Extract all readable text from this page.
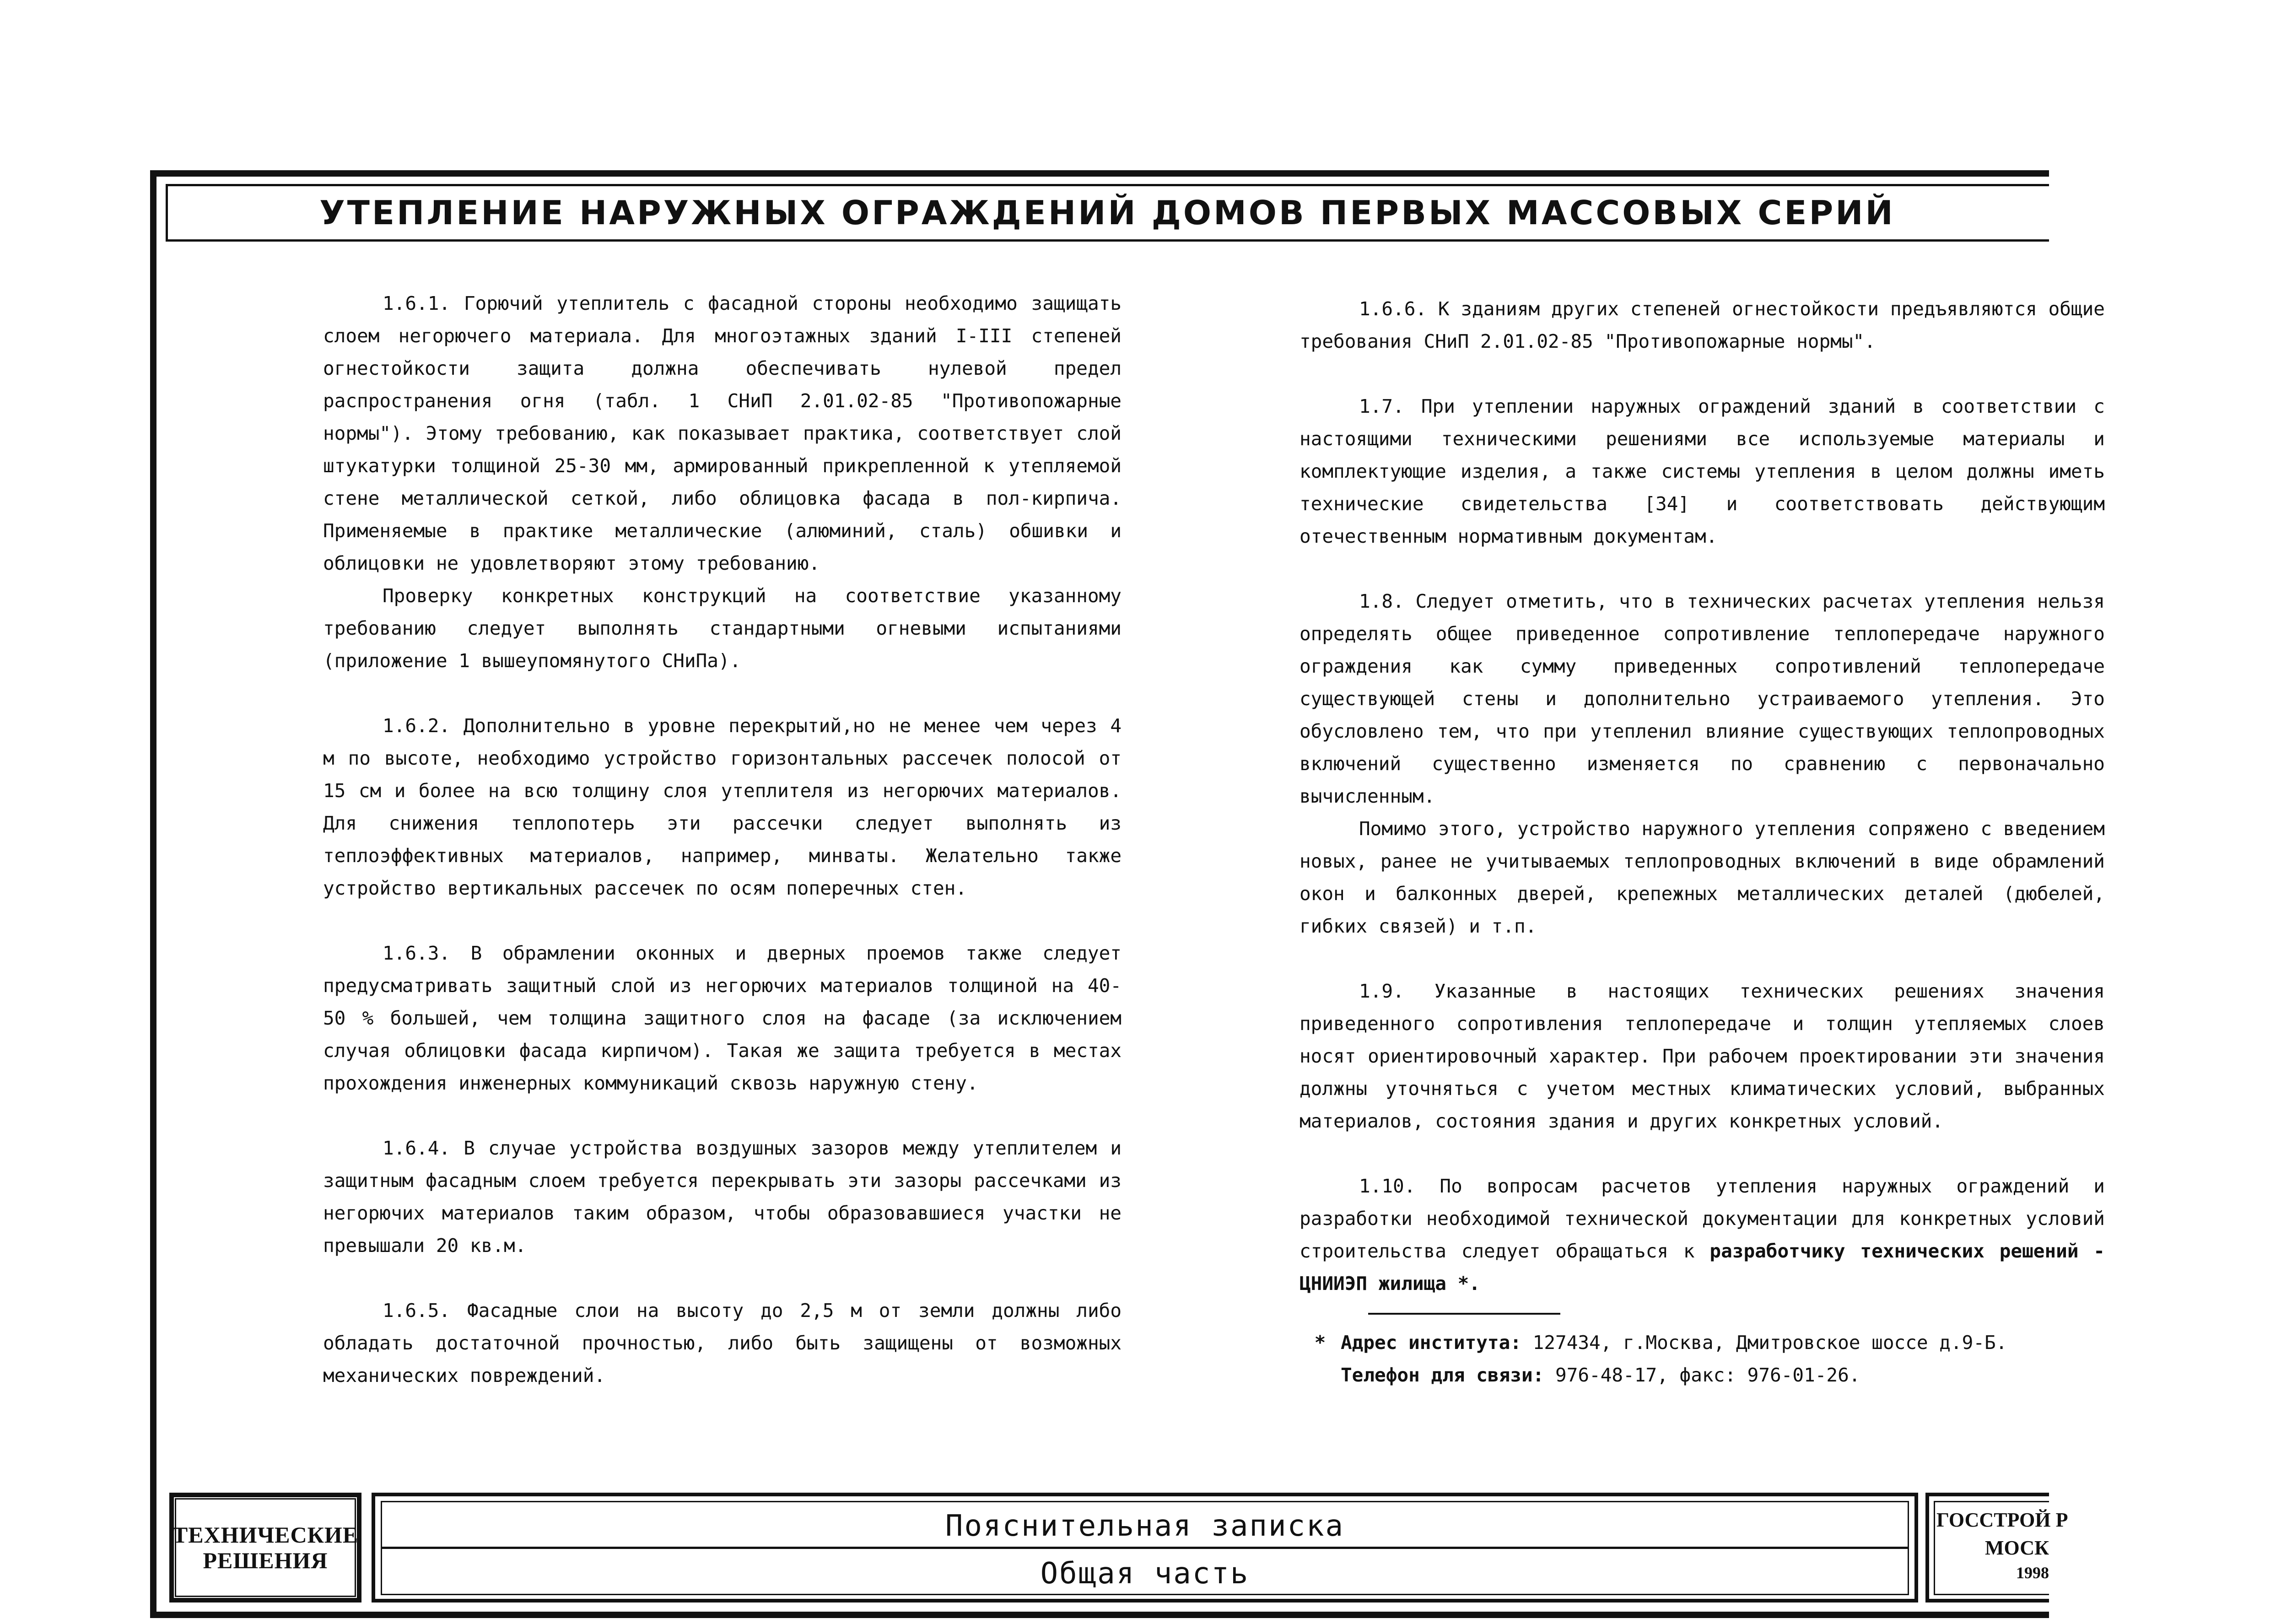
УТЕПЛЕНИЕ НАРУЖНЫХ ОГРАЖДЕНИЙ ДОМОВ ПЕРВЫХ МАССОВЫХ СЕРИЙ

1.6.1. Горючий утеплитель с фасадной стороны необходимо защищать слоем негорючего материала. Для многоэтажных зданий I-III степеней огнестойкости защита должна обеспечивать нулевой предел распространения огня (табл. 1 СНиП 2.01.02-85 "Противопожарные нормы"). Этому требованию, как показывает практика, соответствует слой штукатурки толщиной 25-30 мм, армированный прикрепленной к утепляемой стене металлической сеткой, либо облицовка фасада в пол-кирпича. Применяемые в практике металлические (алюминий, сталь) обшивки и облицовки не удовлетворяют этому требованию.

Проверку конкретных конструкций на соответствие указанному требованию следует выполнять стандартными огневыми испытаниями (приложение 1 вышеупомянутого СНиПа).

1.6.2. Дополнительно в уровне перекрытий,но не менее чем через 4 м по высоте, необходимо устройство горизонтальных рассечек полосой от 15 см и более на всю толщину слоя утеплителя из негорючих материалов. Для снижения теплопотерь эти рассечки следует выполнять из теплоэффективных материалов, например, минваты. Желательно также устройство вертикальных рассечек по осям поперечных стен.

1.6.3. В обрамлении оконных и дверных проемов также следует предусматривать защитный слой из негорючих материалов толщиной на 40-50 % большей, чем толщина защитного слоя на фасаде (за исключением случая облицовки фасада кирпичом). Такая же защита требуется в местах прохождения инженерных коммуникаций сквозь наружную стену.

1.6.4. В случае устройства воздушных зазоров между утеплителем и защитным фасадным слоем требуется перекрывать эти зазоры рассечками из негорючих материалов таким образом, чтобы образовавшиеся участки не превышали 20 кв.м.

1.6.5. Фасадные слои на высоту до 2,5 м от земли должны либо обладать достаточной прочностью, либо быть защищены от возможных механических повреждений.

1.6.6. К зданиям других степеней огнестойкости предъявляются общие требования СНиП 2.01.02-85 "Противопожарные нормы".

1.7. При утеплении наружных ограждений зданий в соответствии с настоящими техническими решениями все используемые материалы и комплектующие изделия, а также системы утепления в целом должны иметь технические свидетельства [34] и соответствовать действующим отечественным нормативным документам.

1.8. Следует отметить, что в технических расчетах утепления нельзя определять общее приведенное сопротивление теплопередаче наружного ограждения как сумму приведенных сопротивлений теплопередаче существующей стены и дополнительно устраиваемого утепления. Это обусловлено тем, что при утепленил влияние существующих теплопроводных включений существенно изменяется по сравнению с первоначально вычисленным.

Помимо этого, устройство наружного утепления сопряжено с введением новых, ранее не учитываемых теплопроводных включений в виде обрамлений окон и балконных дверей, крепежных металлических деталей (дюбелей, гибких связей) и т.п.

1.9. Указанные в настоящих технических решениях значения приведенного сопротивления теплопередаче и толщин утепляемых слоев носят ориентировочный характер. При рабочем проектировании эти значения должны уточняться с учетом местных климатических условий, выбранных материалов, состояния здания и других конкретных условий.

1.10. По вопросам расчетов утепления наружных ограждений и разработки необходимой технической документации для конкретных условий строительства следует обращаться к разработчику технических решений - ЦНИИЭП жилища *.

* Адрес института: 127434, г.Москва, Дмитровское шоссе д.9-Б.
Телефон для связи: 976-48-17, факс: 976-01-26.
ТЕХНИЧЕСКИЕ
РЕШЕНИЯ
Пояснительная записка
Общая часть
ГОССТРОЙ Р
МОСК
1998
